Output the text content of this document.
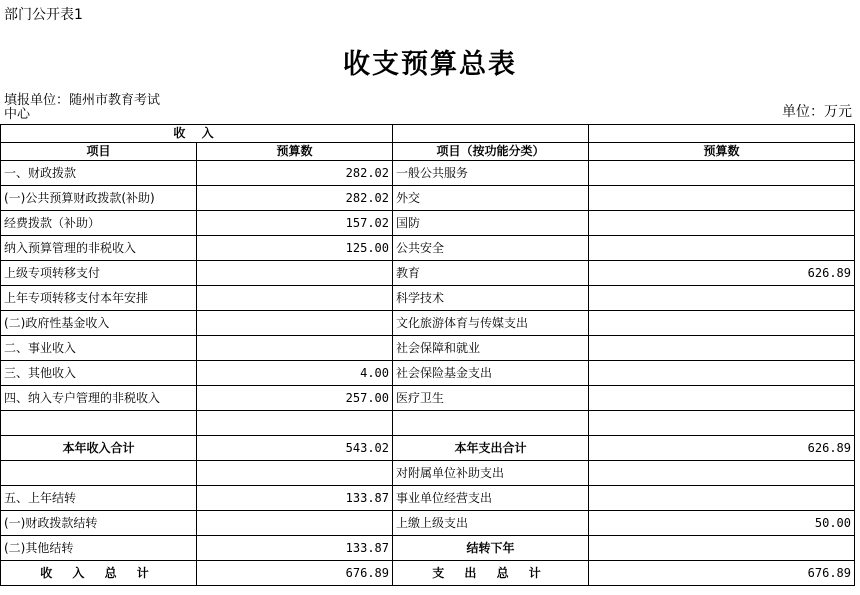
部门公开表1
收支预算总表
填报单位：随州市教育考试
中心	单位：万元
收 入			
项目	预算数	项目（按功能分类）	预算数
一、财政拨款	282.02	一般公共服务	
(一)公共预算财政拨款(补助)	282.02	外交	
经费拨款（补助）	157.02	国防	
纳入预算管理的非税收入	125.00	公共安全	
上级专项转移支付		教育	626.89
上年专项转移支付本年安排		科学技术	
(二)政府性基金收入		文化旅游体育与传媒支出	
二、事业收入		社会保障和就业	
三、其他收入	4.00	社会保险基金支出	
四、纳入专户管理的非税收入	257.00	医疗卫生	

本年收入合计	543.02	本年支出合计	626.89
		对附属单位补助支出	
五、上年结转	133.87	事业单位经营支出	
(一)财政拨款结转		上缴上级支出	50.00
(二)其他结转	133.87	结转下年	
收 入 总 计	676.89	支 出 总 计	676.89
